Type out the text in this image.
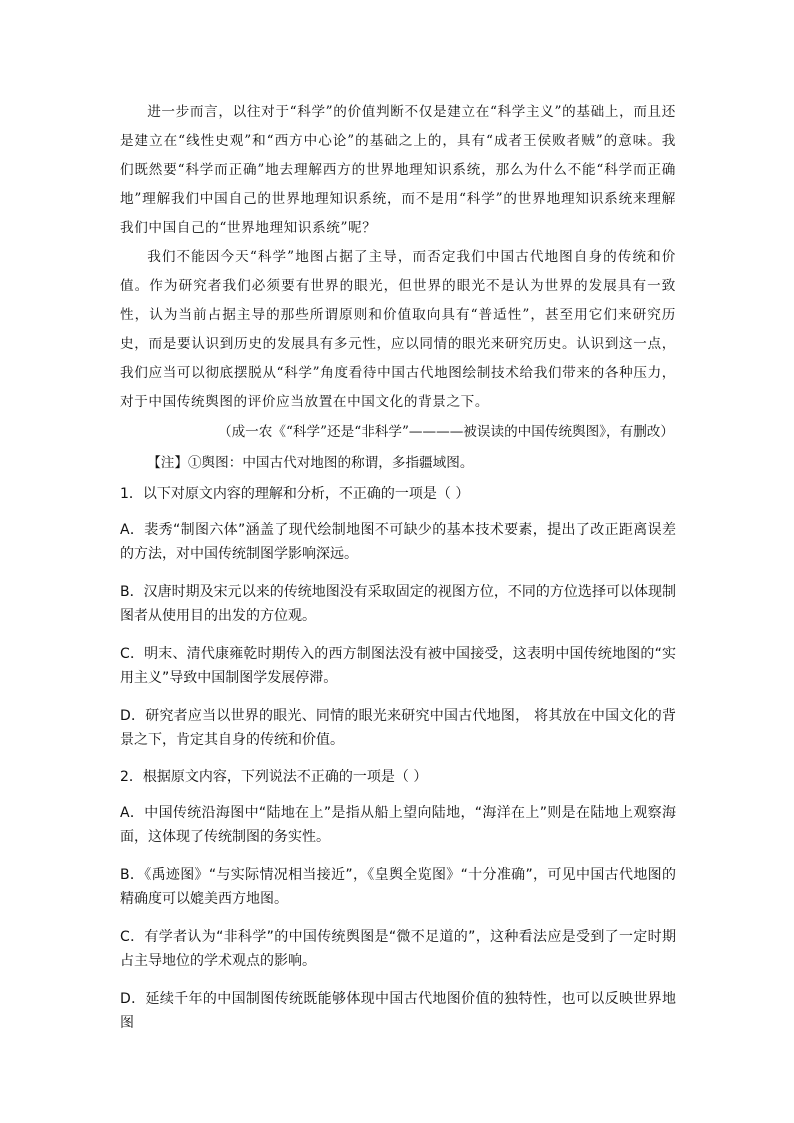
进一步而言，以往对于“科学”的价值判断不仅是建立在“科学主义”的基础上，而且还是建立在“线性史观”和“西方中心论”的基础之上的，具有“成者王侯败者贼”的意味。我们既然要“科学而正确”地去理解西方的世界地理知识系统，那么为什么不能“科学而正确地”理解我们中国自己的世界地理知识系统，而不是用“科学”的世界地理知识系统来理解我们中国自己的“世界地理知识系统”呢？

我们不能因今天“科学”地图占据了主导，而否定我们中国古代地图自身的传统和价值。作为研究者我们必须要有世界的眼光，但世界的眼光不是认为世界的发展具有一致性，认为当前占据主导的那些所谓原则和价值取向具有“普适性”，甚至用它们来研究历史，而是要认识到历史的发展具有多元性，应以同情的眼光来研究历史。认识到这一点，我们应当可以彻底摆脱从“科学”角度看待中国古代地图绘制技术给我们带来的各种压力，对于中国传统舆图的评价应当放置在中国文化的背景之下。

（成一农《“科学”还是“非科学”————被误读的中国传统舆图》，有删改）

【注】①舆图：中国古代对地图的称谓，多指疆域图。

1．以下对原文内容的理解和分析，不正确的一项是（ ）

A．裴秀“制图六体”涵盖了现代绘制地图不可缺少的基本技术要素，提出了改正距离误差的方法，对中国传统制图学影响深远。

B．汉唐时期及宋元以来的传统地图没有采取固定的视图方位，不同的方位选择可以体现制图者从使用目的出发的方位观。

C．明末、清代康雍乾时期传入的西方制图法没有被中国接受，这表明中国传统地图的“实用主义”导致中国制图学发展停滞。

D．研究者应当以世界的眼光、同情的眼光来研究中国古代地图， 将其放在中国文化的背景之下，肯定其自身的传统和价值。

2．根据原文内容，下列说法不正确的一项是（ ）

A．中国传统沿海图中“陆地在上”是指从船上望向陆地，“海洋在上”则是在陆地上观察海面，这体现了传统制图的务实性。

B．《禹迹图》“与实际情况相当接近”，《皇舆全览图》“十分准确”，可见中国古代地图的精确度可以媲美西方地图。

C．有学者认为“非科学”的中国传统舆图是“微不足道的”，这种看法应是受到了一定时期占主导地位的学术观点的影响。

D．延续千年的中国制图传统既能够体现中国古代地图价值的独特性，也可以反映世界地图
